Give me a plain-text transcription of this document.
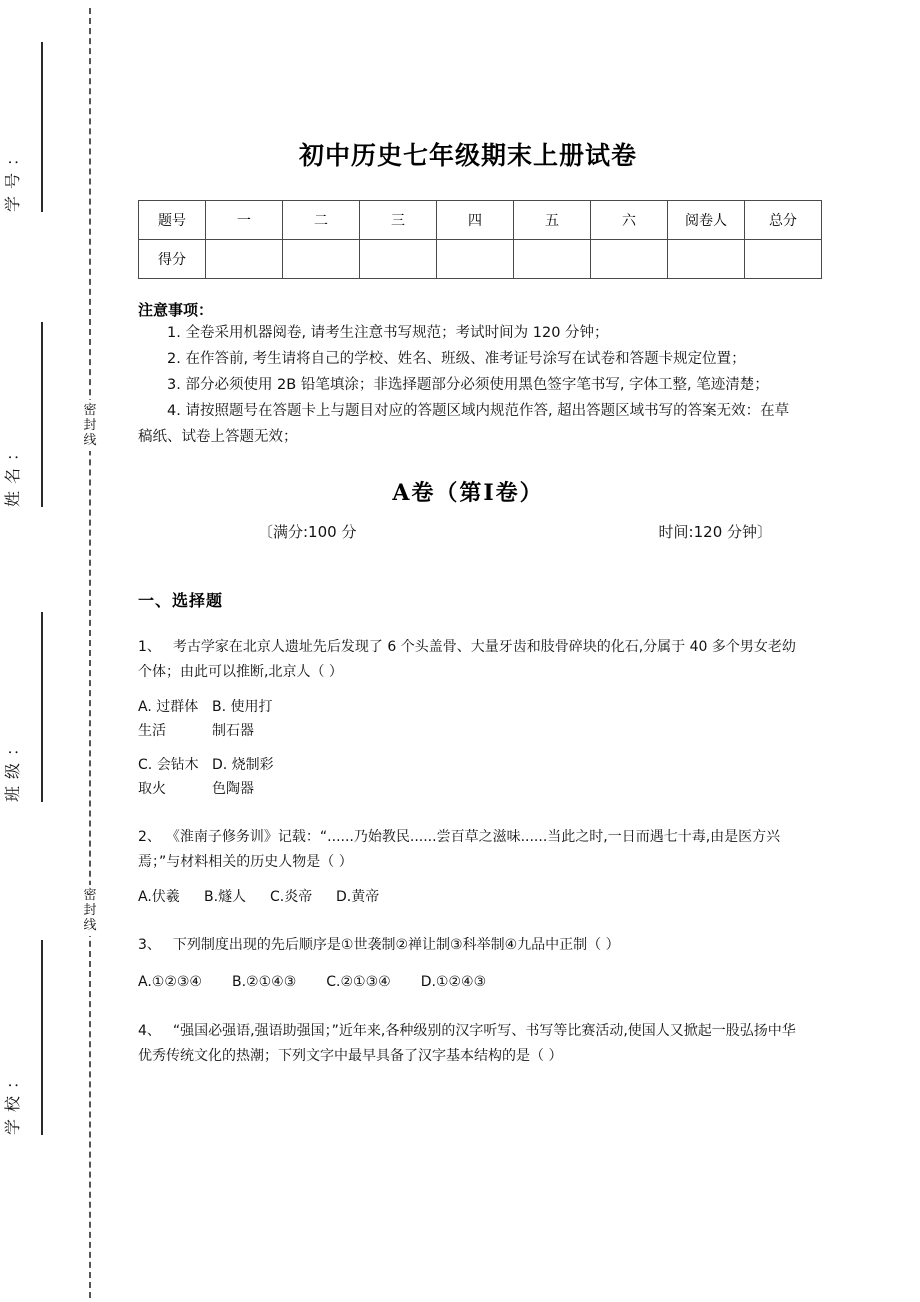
学号：
姓名：
班级：
学校：
密
封
线
密
封
线
初中历史七年级期末上册试卷
题号	一	二	三	四	五	六	阅卷人	总分
得分								
注意事项：
1. 全卷采用机器阅卷, 请考生注意书写规范；考试时间为 120 分钟；
2. 在作答前, 考生请将自己的学校、姓名、班级、准考证号涂写在试卷和答题卡规定位置；
3. 部分必须使用 2B 铅笔填涂；非选择题部分必须使用黑色签字笔书写, 字体工整, 笔迹清楚；
4. 请按照题号在答题卡上与题目对应的答题区域内规范作答, 超出答题区域书写的答案无效：在草稿纸、试卷上答题无效；
A卷（第Ⅰ卷）
〔满分:100 分	时间:120 分钟〕
一、选择题
1、 考古学家在北京人遗址先后发现了 6 个头盖骨、大量牙齿和肢骨碎块的化石,分属于 40 多个男女老幼个体；由此可以推断,北京人（ ）
A. 过群体生活
B. 使用打制石器
C. 会钻木取火
D. 烧制彩色陶器
2、 《淮南子修务训》记载：“......乃始教民......尝百草之滋味......当此之时,一日而遇七十毒,由是医方兴焉；”与材料相关的历史人物是（ ）
A.伏羲	B.燧人	C.炎帝	D.黄帝
3、 下列制度出现的先后顺序是①世袭制②禅让制③科举制④九品中正制（ ）
A.①②③④ B.②①④③ C.②①③④ D.①②④③
4、 “强国必强语,强语助强国；”近年来,各种级别的汉字听写、书写等比赛活动,使国人又掀起一股弘扬中华优秀传统文化的热潮；下列文字中最早具备了汉字基本结构的是（ ）
